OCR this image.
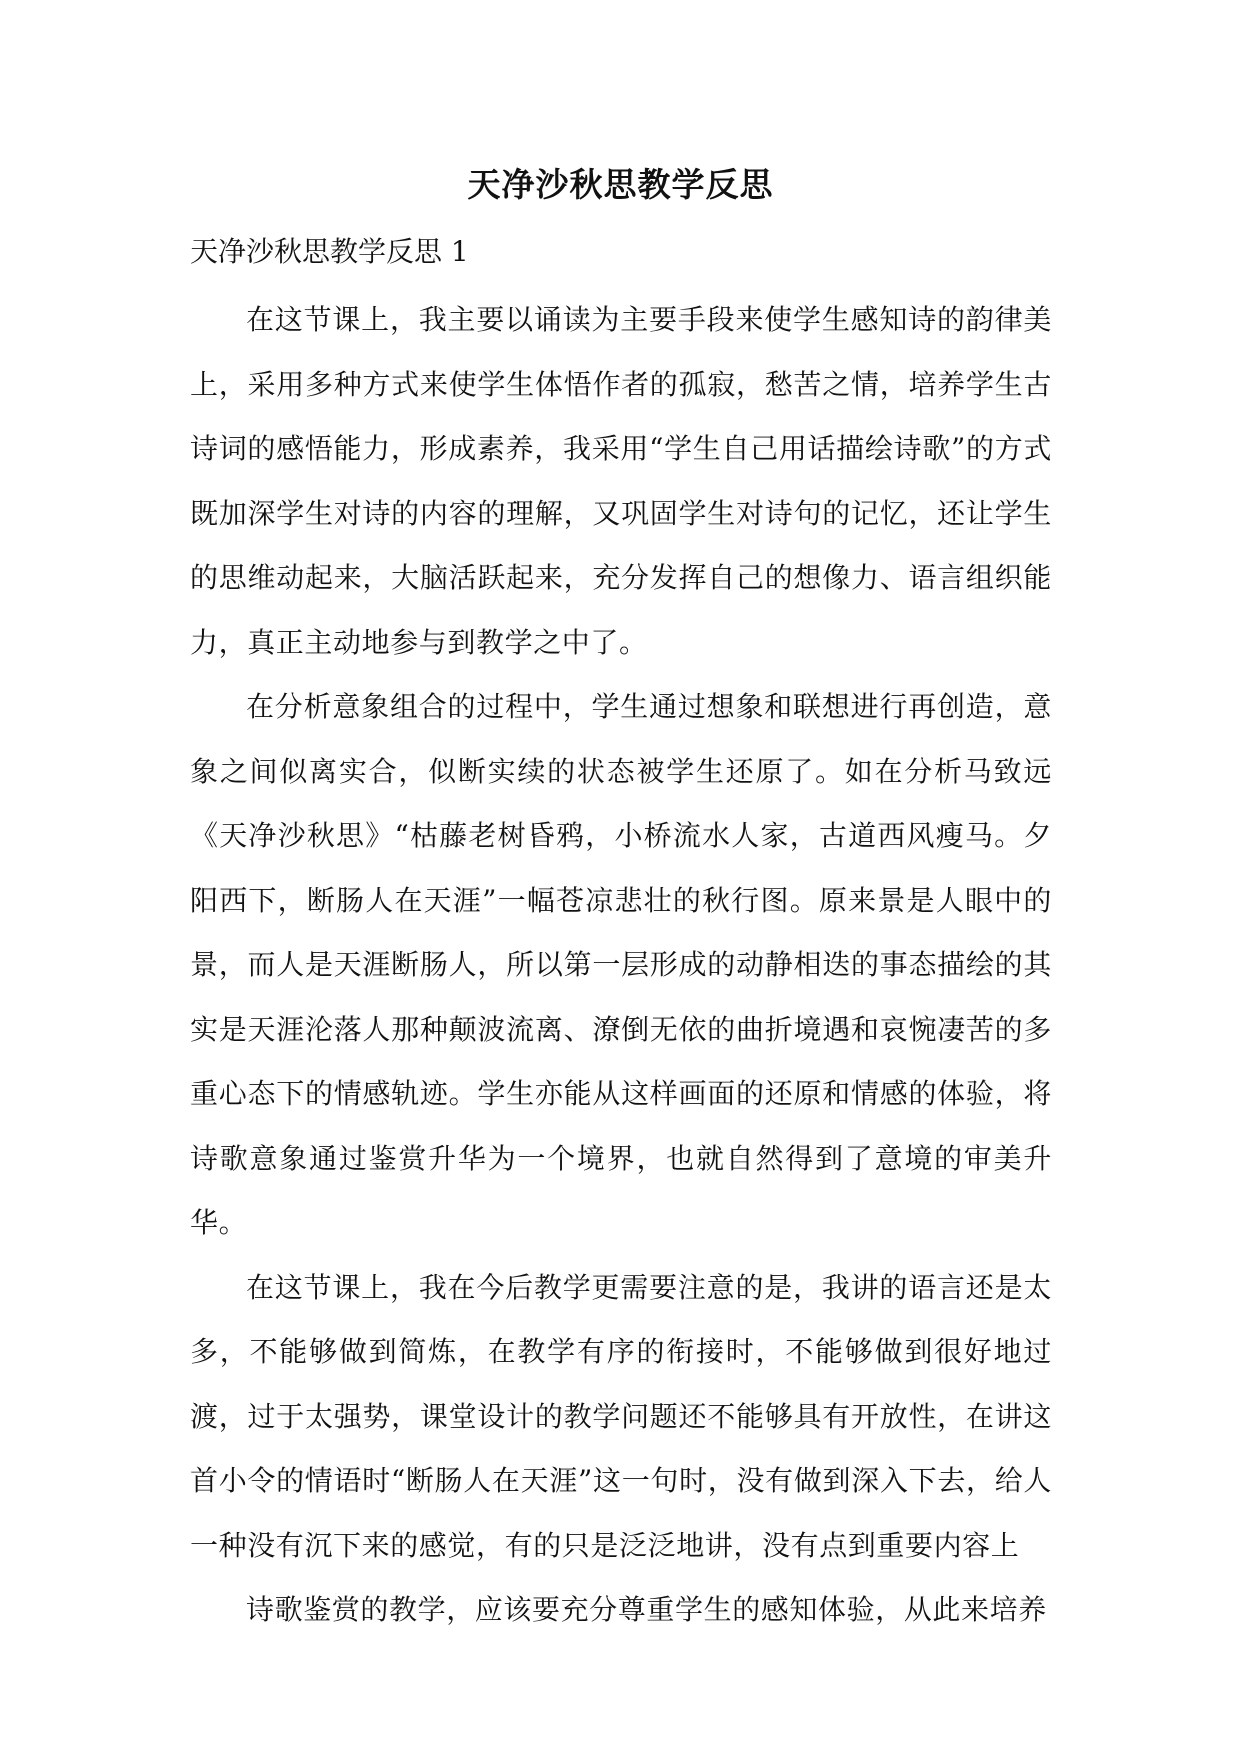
天净沙秋思教学反思
天净沙秋思教学反思 1

在这节课上，我主要以诵读为主要手段来使学生感知诗的韵律美上，采用多种方式来使学生体悟作者的孤寂，愁苦之情，培养学生古诗词的感悟能力，形成素养，我采用“学生自己用话描绘诗歌”的方式既加深学生对诗的内容的理解，又巩固学生对诗句的记忆，还让学生的思维动起来，大脑活跃起来，充分发挥自己的想像力、语言组织能力，真正主动地参与到教学之中了。

在分析意象组合的过程中，学生通过想象和联想进行再创造，意象之间似离实合，似断实续的状态被学生还原了。如在分析马致远《天净沙秋思》“枯藤老树昏鸦，小桥流水人家，古道西风瘦马。夕阳西下，断肠人在天涯”一幅苍凉悲壮的秋行图。原来景是人眼中的景，而人是天涯断肠人，所以第一层形成的动静相迭的事态描绘的其实是天涯沦落人那种颠波流离、潦倒无依的曲折境遇和哀惋凄苦的多重心态下的情感轨迹。学生亦能从这样画面的还原和情感的体验，将诗歌意象通过鉴赏升华为一个境界，也就自然得到了意境的审美升华。

在这节课上，我在今后教学更需要注意的是，我讲的语言还是太多，不能够做到简炼，在教学有序的衔接时，不能够做到很好地过渡，过于太强势，课堂设计的教学问题还不能够具有开放性，在讲这首小令的情语时“断肠人在天涯”这一句时，没有做到深入下去，给人一种没有沉下来的感觉，有的只是泛泛地讲，没有点到重要内容上

诗歌鉴赏的教学，应该要充分尊重学生的感知体验，从此来培养
